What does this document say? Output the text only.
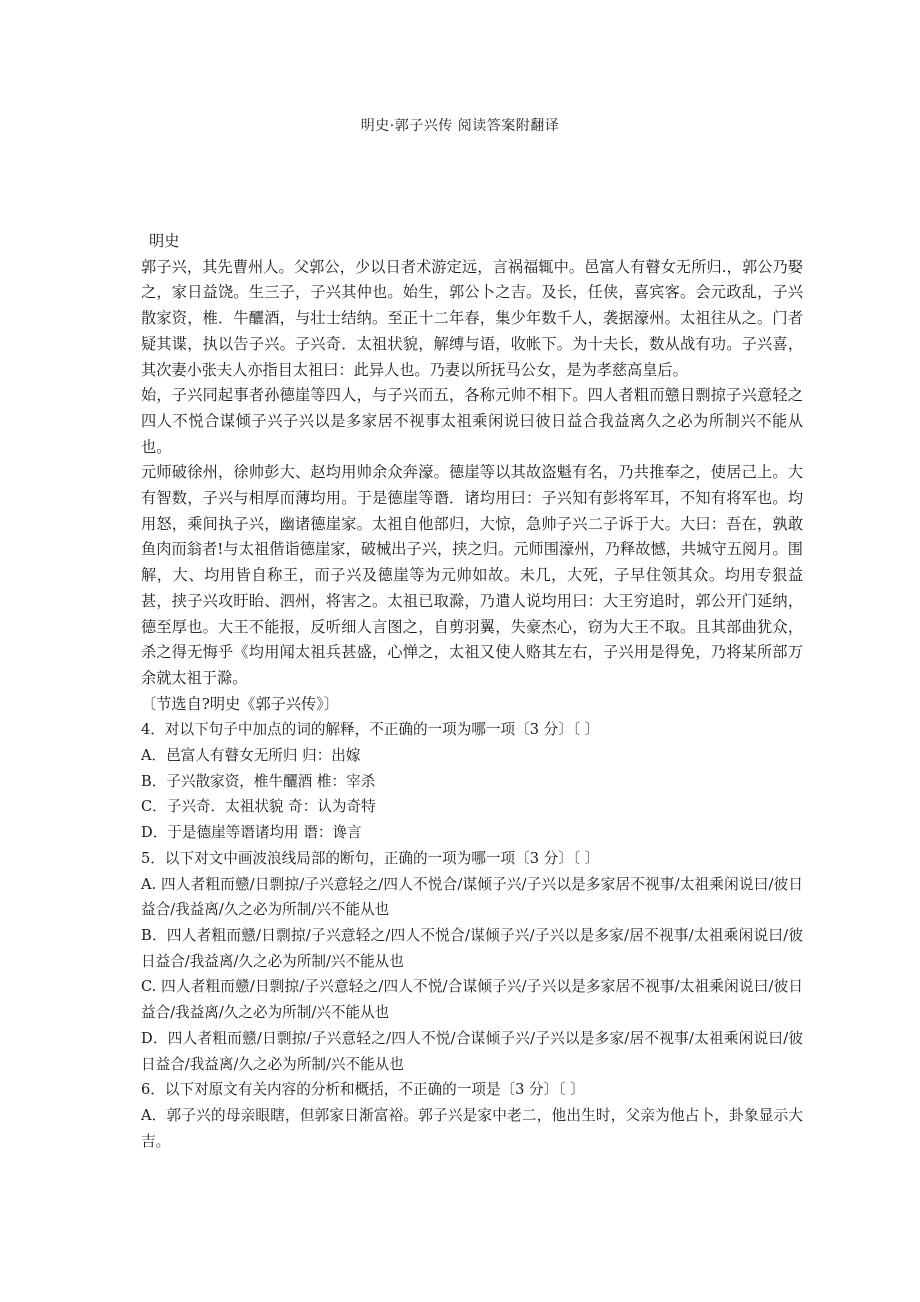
明史·郭子兴传 阅读答案附翻译

明史

郭子兴，其先曹州人。父郭公，少以日者术游定远，言祸福辄中。邑富人有瞽女无所归.，郭公乃娶之，家日益饶。生三子，子兴其仲也。始生，郭公卜之吉。及长，任侠，喜宾客。会元政乱，子兴散家资，椎．牛釃酒，与壮士结纳。至正十二年春，集少年数千人，袭据濠州。太祖往从之。门者疑其谍，执以告子兴。子兴奇．太祖状貌，解缚与语，收帐下。为十夫长，数从战有功。子兴喜，其次妻小张夫人亦指目太祖曰：此异人也。乃妻以所抚马公女，是为孝慈高皇后。

始，子兴同起事者孙德崖等四人，与子兴而五，各称元帅不相下。四人者粗而戆日剽掠子兴意轻之四人不悦合谋倾子兴子兴以是多家居不视事太祖乘闲说曰彼日益合我益离久之必为所制兴不能从也。

元师破徐州，徐帅彭大、赵均用帅余众奔濠。德崖等以其故盗魁有名，乃共推奉之，使居己上。大有智数，子兴与相厚而薄均用。于是德崖等谮．诸均用曰：子兴知有彭将军耳，不知有将军也。均用怒，乘间执子兴，幽诸德崖家。太祖自他部归，大惊，急帅子兴二子诉于大。大曰：吾在，孰敢鱼肉而翁者!与太祖偕诣德崖家，破械出子兴，挟之归。元师围濠州，乃释故憾，共城守五阅月。围解，大、均用皆自称王，而子兴及德崖等为元帅如故。未几，大死，子早住领其众。均用专狠益甚，挟子兴攻盱眙、泗州，将害之。太祖已取滁，乃遣人说均用曰：大王穷追时，郭公开门延纳，德至厚也。大王不能报，反听细人言图之，自剪羽翼，失豪杰心，窃为大王不取。且其部曲犹众，杀之得无悔乎《均用闻太祖兵甚盛，心惮之，太祖又使人赂其左右，子兴用是得免，乃将某所部万余就太祖于滁。

〔节选自?明史《郭子兴传》〕

4．对以下句子中加点的词的解释，不正确的一项为哪一项〔3 分〕〔 〕

A．邑富人有瞽女无所归 归：出嫁

B．子兴散家资，椎牛釃酒 椎：宰杀

C．子兴奇．太祖状貌 奇：认为奇特

D．于是德崖等谮诸均用 谮：谗言

5．以下对文中画波浪线局部的断句，正确的一项为哪一项〔3 分〕〔 〕

A. 四人者粗而戆/日剽掠/子兴意轻之/四人不悦合/谋倾子兴/子兴以是多家居不视事/太祖乘闲说曰/彼日益合/我益离/久之必为所制/兴不能从也

B．四人者粗而戆/日剽掠/子兴意轻之/四人不悦合/谋倾子兴/子兴以是多家/居不视事/太祖乘闲说曰/彼日益合/我益离/久之必为所制/兴不能从也

C. 四人者粗而戆/日剽掠/子兴意轻之/四人不悦/合谋倾子兴/子兴以是多家居不视事/太祖乘闲说曰/彼日益合/我益离/久之必为所制/兴不能从也

D．四人者粗而戆/日剽掠/子兴意轻之/四人不悦/合谋倾子兴/子兴以是多家/居不视事/太祖乘闲说曰/彼日益合/我益离/久之必为所制/兴不能从也

6．以下对原文有关内容的分析和概括，不正确的一项是〔3 分〕〔 〕

A．郭子兴的母亲眼瞎，但郭家日渐富裕。郭子兴是家中老二，他出生时，父亲为他占卜，卦象显示大吉。
